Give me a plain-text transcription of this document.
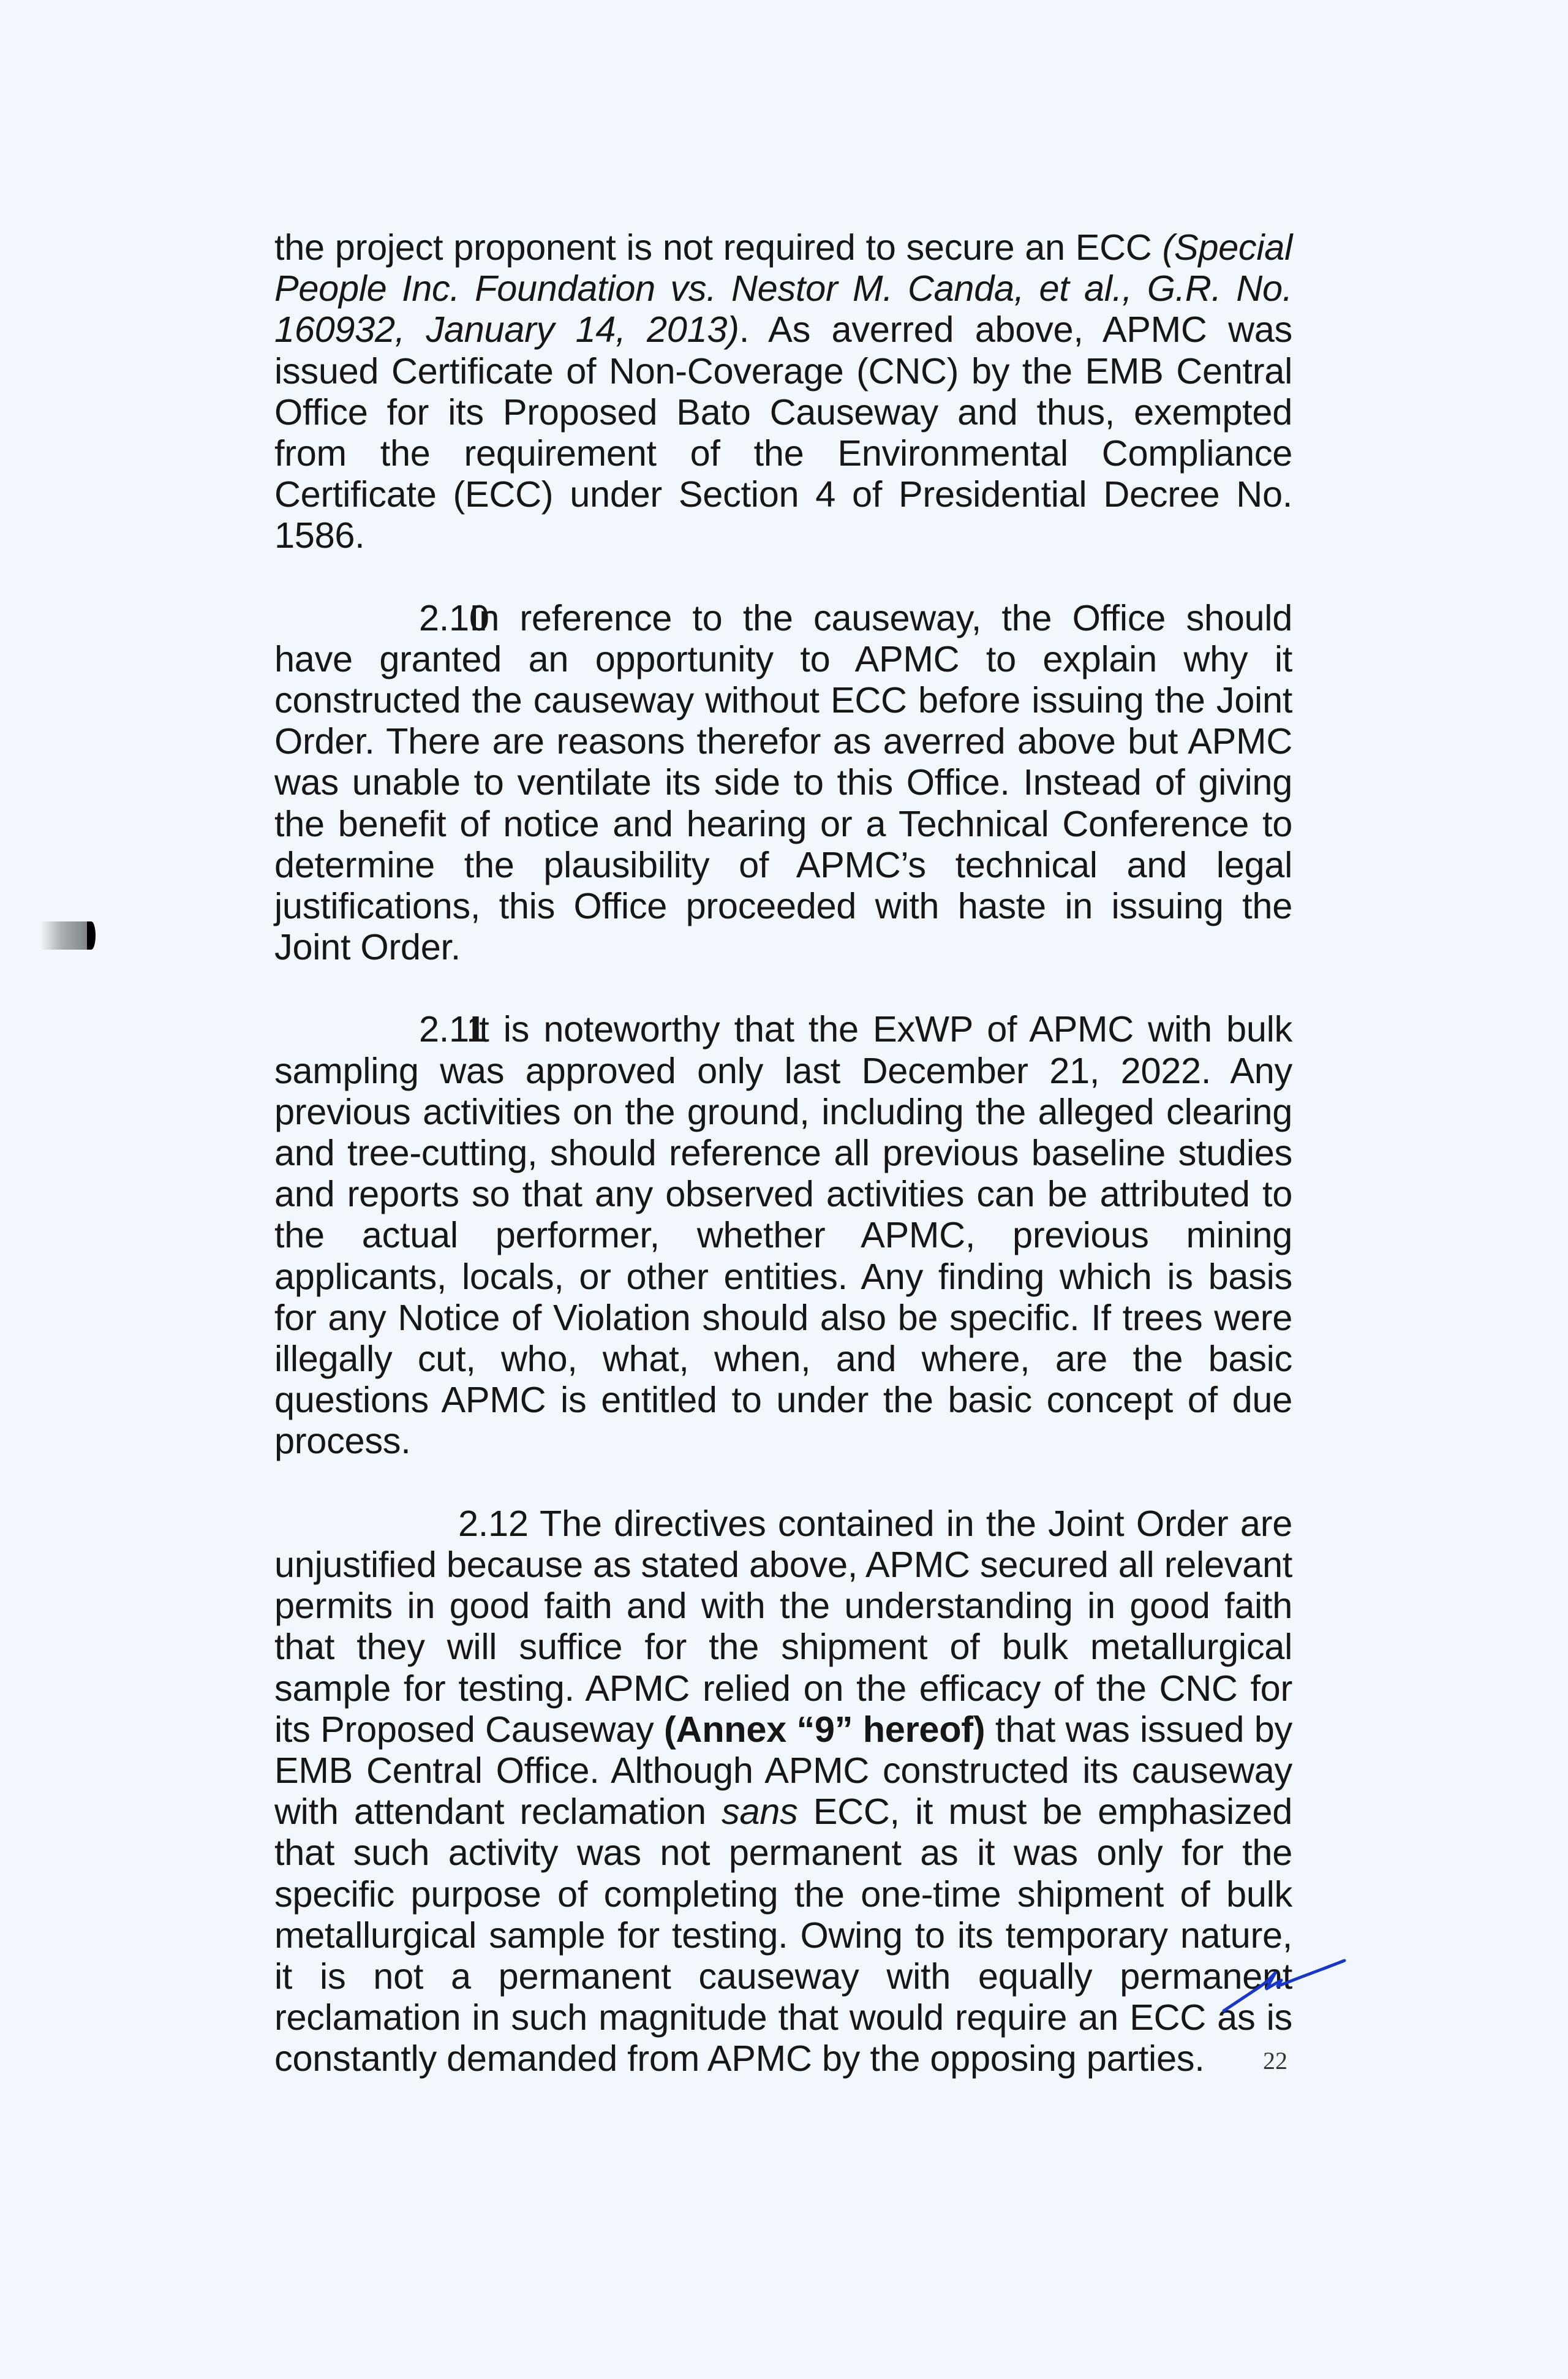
the project proponent is not required to secure an ECC (Special People Inc. Foundation vs. Nestor M. Canda, et al., G.R. No. 160932, January 14, 2013). As averred above, APMC was issued Certificate of Non-Coverage (CNC) by the EMB Central Office for its Proposed Bato Causeway and thus, exempted from the requirement of the Environmental Compliance Certificate (ECC) under Section 4 of Presidential Decree No. 1586.

2.10In reference to the causeway, the Office should have granted an opportunity to APMC to explain why it constructed the causeway without ECC before issuing the Joint Order. There are reasons therefor as averred above but APMC was unable to ventilate its side to this Office. Instead of giving the benefit of notice and hearing or a Technical Conference to determine the plausibility of APMC’s technical and legal justifications, this Office proceeded with haste in issuing the Joint Order.

2.11It is noteworthy that the ExWP of APMC with bulk sampling was approved only last December 21, 2022. Any previous activities on the ground, including the alleged clearing and tree-cutting, should reference all previous baseline studies and reports so that any observed activities can be attributed to the actual performer, whether APMC, previous mining applicants, locals, or other entities. Any finding which is basis for any Notice of Violation should also be specific. If trees were illegally cut, who, what, when, and where, are the basic questions APMC is entitled to under the basic concept of due process.

2.12 The directives contained in the Joint Order are unjustified because as stated above, APMC secured all relevant permits in good faith and with the understanding in good faith that they will suffice for the shipment of bulk metallurgical sample for testing. APMC relied on the efficacy of the CNC for its Proposed Causeway (Annex “9” hereof) that was issued by EMB Central Office. Although APMC constructed its causeway with attendant reclamation sans ECC, it must be emphasized that such activity was not permanent as it was only for the specific purpose of completing the one-time shipment of bulk metallurgical sample for testing. Owing to its temporary nature, it is not a permanent causeway with equally permanent reclamation in such magnitude that would require an ECC as is constantly demanded from APMC by the opposing parties.	22
